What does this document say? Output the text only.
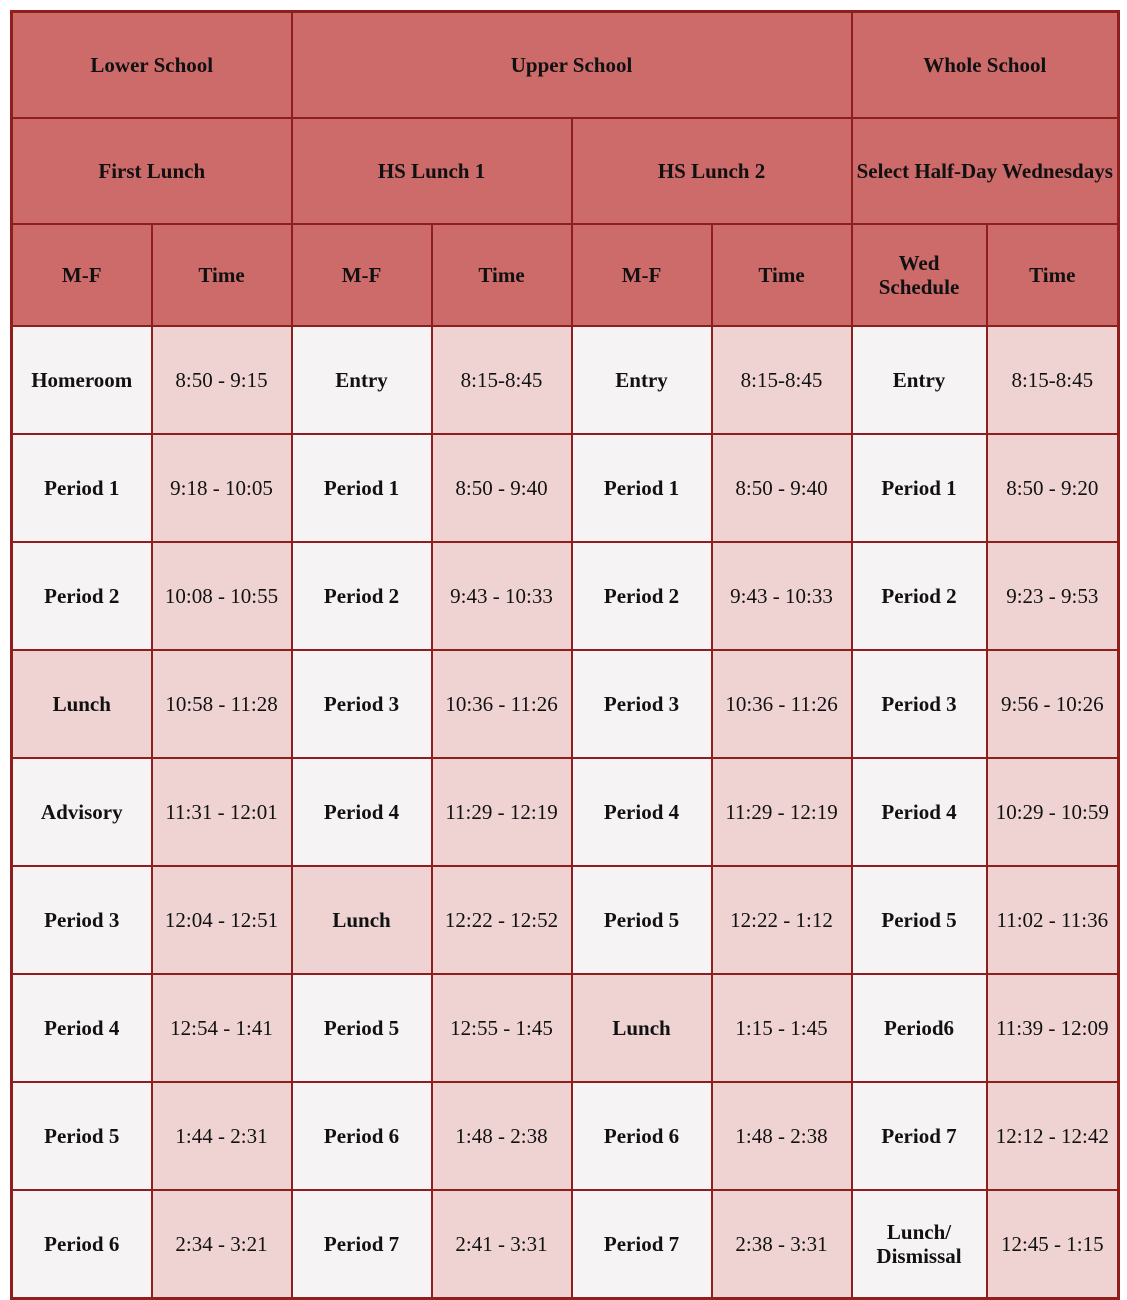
Lower School		Upper School				Whole School	
First Lunch		HS Lunch 1		HS Lunch 2		Select Half-Day Wednesdays	
M-F	Time	M-F	Time	M-F	Time	Wed Schedule	Time
Homeroom	8:50 - 9:15	Entry	8:15-8:45	Entry	8:15-8:45	Entry	8:15-8:45
Period 1	9:18 - 10:05	Period 1	8:50 - 9:40	Period 1	8:50 - 9:40	Period 1	8:50 - 9:20
Period 2	10:08 - 10:55	Period 2	9:43 - 10:33	Period 2	9:43 - 10:33	Period 2	9:23 - 9:53
Lunch	10:58 - 11:28	Period 3	10:36 - 11:26	Period 3	10:36 - 11:26	Period 3	9:56 - 10:26
Advisory	11:31 - 12:01	Period 4	11:29 - 12:19	Period 4	11:29 - 12:19	Period 4	10:29 - 10:59
Period 3	12:04 - 12:51	Lunch	12:22 - 12:52	Period 5	12:22 - 1:12	Period 5	11:02 - 11:36
Period 4	12:54 - 1:41	Period 5	12:55 - 1:45	Lunch	1:15 - 1:45	Period6	11:39 - 12:09
Period 5	1:44 - 2:31	Period 6	1:48 - 2:38	Period 6	1:48 - 2:38	Period 7	12:12 - 12:42
Period 6	2:34 - 3:21	Period 7	2:41 - 3:31	Period 7	2:38 - 3:31	Lunch/ Dismissal	12:45 - 1:15
